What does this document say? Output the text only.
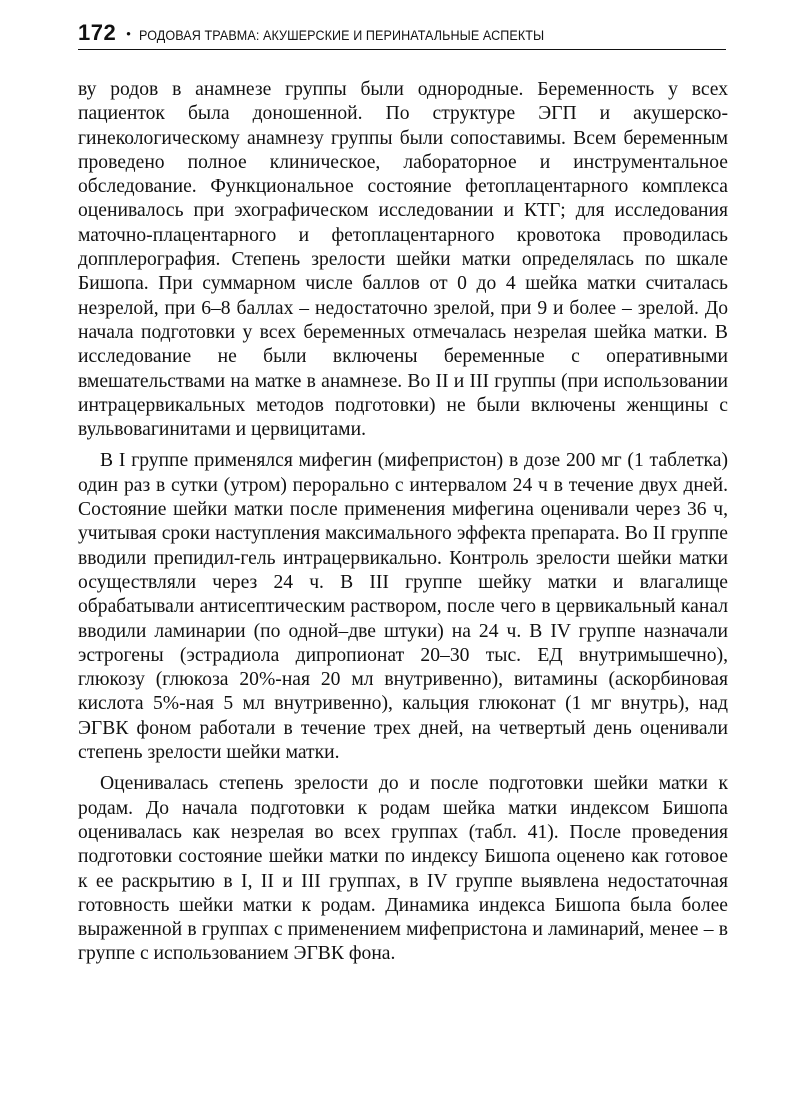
172 • РОДОВАЯ ТРАВМА: АКУШЕРСКИЕ И ПЕРИНАТАЛЬНЫЕ АСПЕКТЫ

ву родов в анамнезе группы были однородные. Беременность у всех пациенток была доношенной. По структуре ЭГП и акушерско-гинекологическому анамнезу группы были сопоставимы. Всем беременным проведено полное клиническое, лабораторное и инструментальное обследование. Функциональное состояние фетоплацентарного комплекса оценивалось при эхографическом исследовании и КТГ; для исследования маточно-плацентарного и фетоплацентарного кровотока проводилась допплерография. Степень зрелости шейки матки определялась по шкале Бишопа. При суммарном числе баллов от 0 до 4 шейка матки считалась незрелой, при 6–8 баллах – недостаточно зрелой, при 9 и более – зрелой. До начала подготовки у всех беременных отмечалась незрелая шейка матки. В исследование не были включены беременные с оперативными вмешательствами на матке в анамнезе. Во II и III группы (при использовании интрацервикальных методов подготовки) не были включены женщины с вульвовагинитами и цервицитами.

В I группе применялся мифегин (мифепристон) в дозе 200 мг (1 таблетка) один раз в сутки (утром) перорально с интервалом 24 ч в течение двух дней. Состояние шейки матки после применения мифегина оценивали через 36 ч, учитывая сроки наступления максимального эффекта препарата. Во II группе вводили препидил-гель интрацервикально. Контроль зрелости шейки матки осуществляли через 24 ч. В III группе шейку матки и влагалище обрабатывали антисептическим раствором, после чего в цервикальный канал вводили ламинарии (по одной–две штуки) на 24 ч. В IV группе назначали эстрогены (эстрадиола дипропионат 20–30 тыс. ЕД внутримышечно), глюкозу (глюкоза 20%-ная 20 мл внутривенно), витамины (аскорбиновая кислота 5%-ная 5 мл внутривенно), кальция глюконат (1 мг внутрь), над ЭГВК фоном работали в течение трех дней, на четвертый день оценивали степень зрелости шейки матки.

Оценивалась степень зрелости до и после подготовки шейки матки к родам. До начала подготовки к родам шейка матки индексом Бишопа оценивалась как незрелая во всех группах (табл. 41). После проведения подготовки состояние шейки матки по индексу Бишопа оценено как готовое к ее раскрытию в I, II и III группах, в IV группе выявлена недостаточная готовность шейки матки к родам. Динамика индекса Бишопа была более выраженной в группах с применением мифепристона и ламинарий, менее – в группе с использованием ЭГВК фона.
